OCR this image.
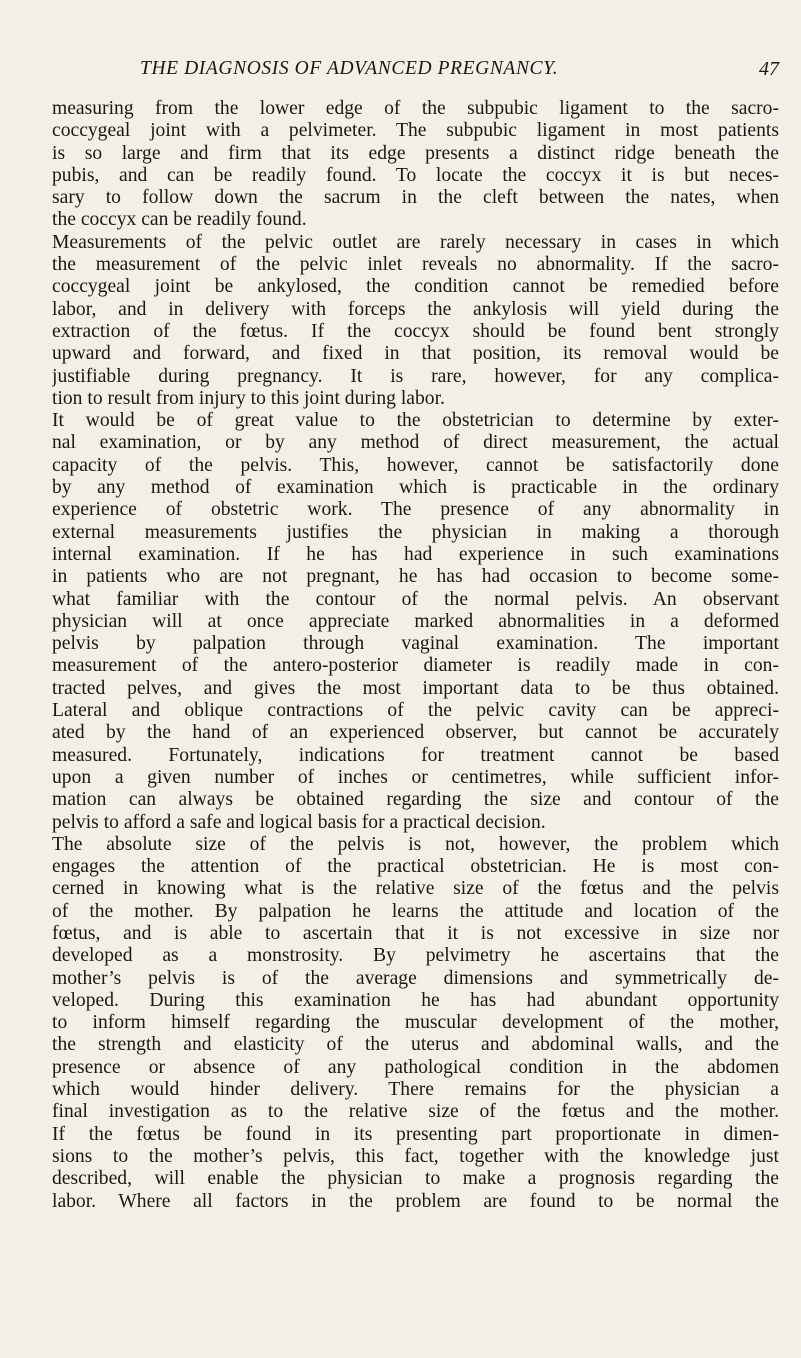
THE DIAGNOSIS OF ADVANCED PREGNANCY.	47
measuring from the lower edge of the subpubic ligament to the sacro-
coccygeal joint with a pelvimeter. The subpubic ligament in most patients
is so large and firm that its edge presents a distinct ridge beneath the
pubis, and can be readily found. To locate the coccyx it is but neces-
sary to follow down the sacrum in the cleft between the nates, when
the coccyx can be readily found.
Measurements of the pelvic outlet are rarely necessary in cases in which
the measurement of the pelvic inlet reveals no abnormality. If the sacro-
coccygeal joint be ankylosed, the condition cannot be remedied before
labor, and in delivery with forceps the ankylosis will yield during the
extraction of the fœtus. If the coccyx should be found bent strongly
upward and forward, and fixed in that position, its removal would be
justifiable during pregnancy. It is rare, however, for any complica-
tion to result from injury to this joint during labor.
It would be of great value to the obstetrician to determine by exter-
nal examination, or by any method of direct measurement, the actual
capacity of the pelvis. This, however, cannot be satisfactorily done
by any method of examination which is practicable in the ordinary
experience of obstetric work. The presence of any abnormality in
external measurements justifies the physician in making a thorough
internal examination. If he has had experience in such examinations
in patients who are not pregnant, he has had occasion to become some-
what familiar with the contour of the normal pelvis. An observant
physician will at once appreciate marked abnormalities in a deformed
pelvis by palpation through vaginal examination. The important
measurement of the antero-posterior diameter is readily made in con-
tracted pelves, and gives the most important data to be thus obtained.
Lateral and oblique contractions of the pelvic cavity can be appreci-
ated by the hand of an experienced observer, but cannot be accurately
measured. Fortunately, indications for treatment cannot be based
upon a given number of inches or centimetres, while sufficient infor-
mation can always be obtained regarding the size and contour of the
pelvis to afford a safe and logical basis for a practical decision.
The absolute size of the pelvis is not, however, the problem which
engages the attention of the practical obstetrician. He is most con-
cerned in knowing what is the relative size of the fœtus and the pelvis
of the mother. By palpation he learns the attitude and location of the
fœtus, and is able to ascertain that it is not excessive in size nor
developed as a monstrosity. By pelvimetry he ascertains that the
mother’s pelvis is of the average dimensions and symmetrically de-
veloped. During this examination he has had abundant opportunity
to inform himself regarding the muscular development of the mother,
the strength and elasticity of the uterus and abdominal walls, and the
presence or absence of any pathological condition in the abdomen
which would hinder delivery. There remains for the physician a
final investigation as to the relative size of the fœtus and the mother.
If the fœtus be found in its presenting part proportionate in dimen-
sions to the mother’s pelvis, this fact, together with the knowledge just
described, will enable the physician to make a prognosis regarding the
labor. Where all factors in the problem are found to be normal the
